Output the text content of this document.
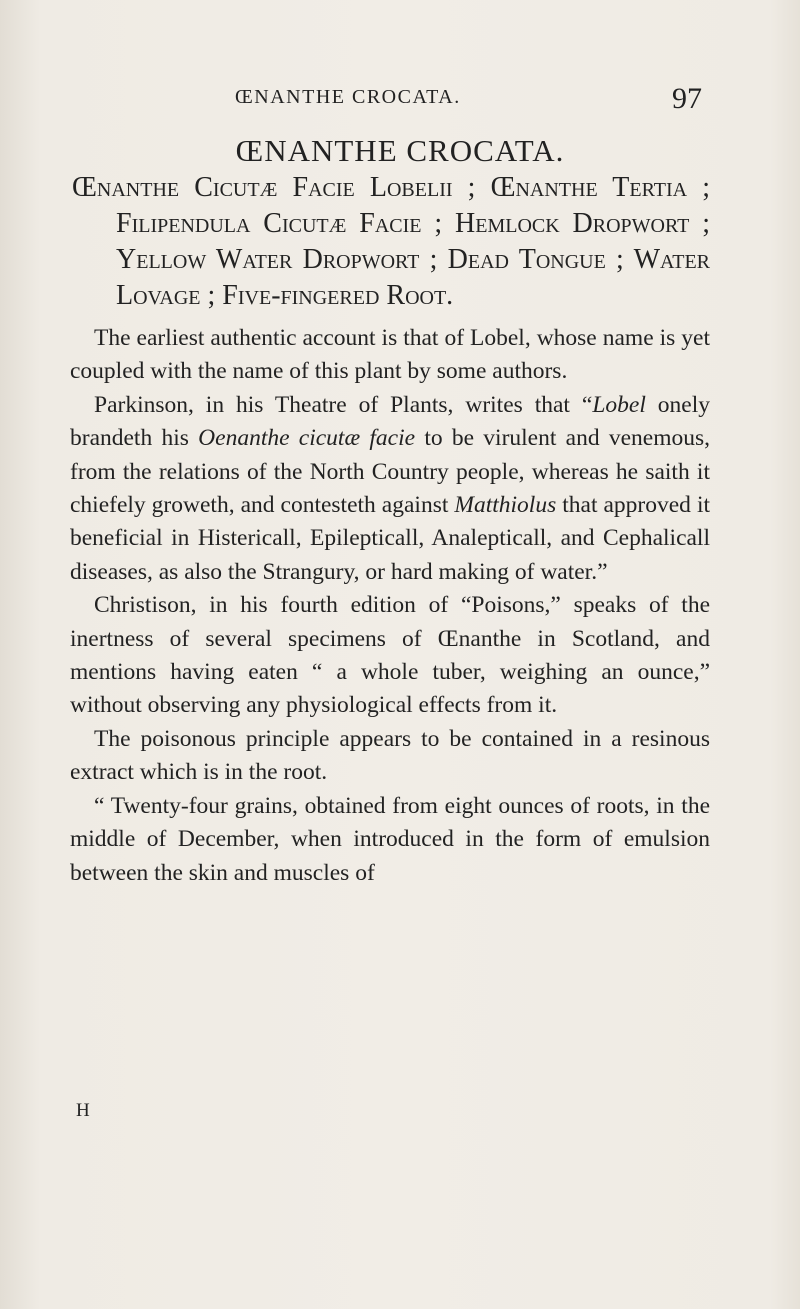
ŒNANTHE CROCATA.	97

ŒNANTHE CROCATA.

Œnanthe Cicutæ Facie Lobelii ; Œnanthe Tertia ; Filipendula Cicutæ Facie ; Hemlock Dropwort ; Yellow Water Dropwort ; Dead Tongue ; Water Lovage ; Five-fingered Root.

The earliest authentic account is that of Lobel, whose name is yet coupled with the name of this plant by some authors.

Parkinson, in his Theatre of Plants, writes that “Lobel onely brandeth his Oenanthe cicutæ facie to be virulent and venemous, from the relations of the North Country people, whereas he saith it chiefely groweth, and contesteth against Matthiolus that approved it beneficial in Histericall, Epilepticall, Analepticall, and Cephalicall diseases, as also the Strangury, or hard making of water.”

Christison, in his fourth edition of “Poisons,” speaks of the inertness of several specimens of Œnanthe in Scotland, and mentions having eaten “ a whole tuber, weighing an ounce,” without observing any physiological effects from it.

The poisonous principle appears to be contained in a resinous extract which is in the root.

“ Twenty-four grains, obtained from eight ounces of roots, in the middle of December, when introduced in the form of emulsion between the skin and muscles of

H
